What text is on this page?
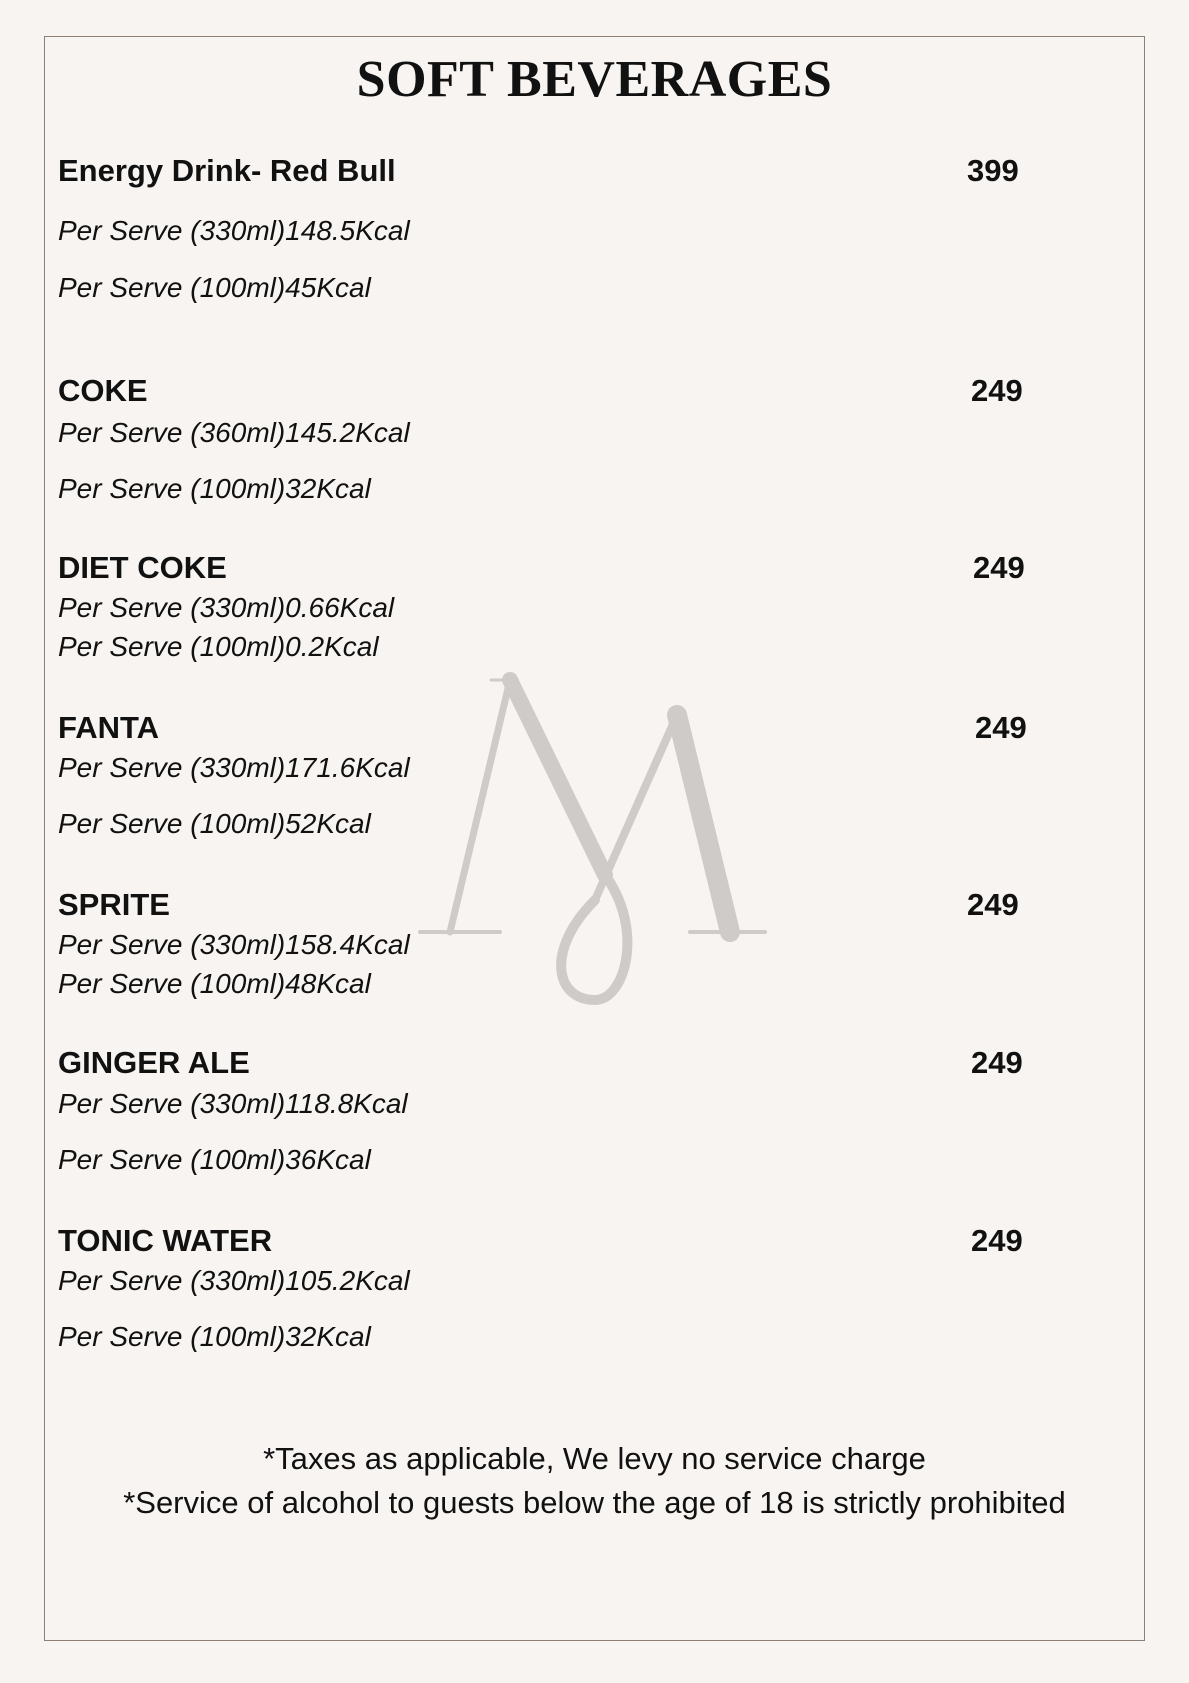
SOFT BEVERAGES
Energy Drink- Red Bull	399
Per Serve (330ml)148.5Kcal
Per Serve (100ml)45Kcal
COKE	249
Per Serve (360ml)145.2Kcal
Per Serve (100ml)32Kcal
DIET COKE	249
Per Serve (330ml)0.66Kcal
Per Serve (100ml)0.2Kcal
FANTA	249
Per Serve (330ml)171.6Kcal
Per Serve (100ml)52Kcal
SPRITE	249
Per Serve (330ml)158.4Kcal
Per Serve (100ml)48Kcal
GINGER ALE	249
Per Serve (330ml)118.8Kcal
Per Serve (100ml)36Kcal
TONIC WATER	249
Per Serve (330ml)105.2Kcal
Per Serve (100ml)32Kcal
*Taxes as applicable, We levy no service charge
*Service of alcohol to guests below the age of 18 is strictly prohibited
